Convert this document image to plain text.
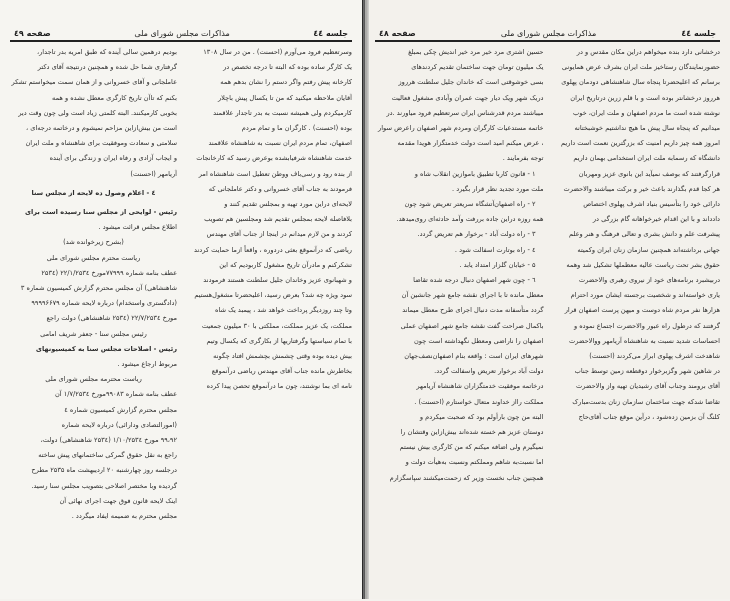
جلسه ٤٤
مذاکرات مجلس شورای ملی
صفحه ٤٩

وسرتعظیم فرود می‌آورم (احسنت) . من در سال ۱۳۰۸

یک کارگر ساده بوده که البته تا درجه تخصص در

کارخانه پیش رفتم واگر دستم را نشان بدهم همه

آقایان ملاحظه میکنید که من تا یکسال پیش باچلار

کارمیکردم ولی همیشه نسبت به بدر تاجدار علاقمند

بوده (احسنت) . کارگران ما و تمام مردم

اصفهان، تمام مردم ایران نسبت به شاهنشاه علاقمند

خدمت شاهنشاه شرفیابشده بوعرض رسید که کارخانجات

از بنده رود و رسی‌باف ووطن تعطیل است شاهنشاه امر

فرمودند به جناب آقای خسروانی و دکتر عاملجانی که

لایحه‌ای دراین مورد تهیه و بمجلس تقدیم کنند و

بلافاصله لایحه بمجلس تقدیم شد ومجلسین هم تصویب

کردند و من لازم میدانم در اینجا از جناب آقای مهندس

ریاضی که درآنموقع بعثی دردوره ، واقعاً ازما حمایت کردند

تشکرکنم و مادرآن تاریخ مشغول کاربودیم که این

و شهبانوی عزیز وخاندان جلیل سلطنت هستند فرمودند

سود ویژه چه شد؟ بعرض رسید، اعلیحضرتا مشغول‌هستیم

وتا چند روزدیگر پرداخت خواهد شد ، پیمبد یک شاه

مملکت، یک عزیز مملکت، مملکتی با ۳۰ میلیون جمعیت

با تمام سیاستها وگرفتاریها از بکارگری که یکسال وتیم

بیش دیده بوده وقتی چشمش بچشمش افتاد چگونه

بخاطرش مانده جناب آقای مهندس ریاضی درآنموقع

نامه ای بما نوشتند، چون ما درآنموقع تحصن پیدا کرده

بودیم درهمین سالی آینده که طبق امریه بدر تاجدار،

گرفتاری شما حل شده و همچنین درنتیجه آقای دکتر

عاملجانی و آقای خسروانی و از همان سمت میخواستم تشکر

بکنم که تاآن تاریخ کارگری معطل نشده و همه

بخوبی کارمیکنند. البته کلمتی زیاد است ولی چون وقت دیر

است من بیش‌ازاین مزاحم نمیشوم و درخاتمه درجه‌ای ،

سلامتی و سعادت وموفقیت برای شاهنشاه و ملت ایران

و ایجاب آزادی و رفاه ایران و زندگی برای آینده

آریامهر (احسنت)

٤ - اعلام وصول ده لایحه از مجلس سنا

رئیس - لوایحی از مجلس سنا رسیده است برای

اطلاع مجلس قرائت میشود .

(بشرح زیرخوانده شد)

ریاست محترم مجلس شورای ملی

عطف بنامه شماره ۷۷۹۹۹مورخ ۲۲/۱/۲۵۳٤ (۲۵۳٤

شاهنشاهی) آن مجلس محترم گزارش کمیسیون شماره ۳

(دادگستری واستخدام) درباره لایحه شماره ۹۹۹۹۶۶۷۹

مورخ ۲۲/۷/۲۵۳٤ (۲۵۳٤ شاهنشاهی) دولت راجع

رئیس مجلس سنا - جعفر شریف امامی

رئیس - اصلاحات مجلس سنا به کمیسیونهای

مربوط ارجاع میشود .

ریاست محترمه مجلس شورای ملی

عطف بنامه شماره ۹۹۰۸۳مورخ ۱/۷/۲۵۳٤ آن

مجلس محترم گزارش کمیسیون شماره ٤

(امورالتصادی ودارائی) درباره لایحه شماره

۹۹،۹۲ مورخ ۱/۱۰/۲۵۳٤ (۲۵۳٤ شاهنشاهی) دولت،

راجع به نقل حقوق گمرکی ساختمانهای پیش ساخته

درجلسه روز چهارشنبه ۲۰ اردیبهشت ماه ۲۵۳۵ مطرح

گردیده وبا مختصر اصلاحی بتصویب مجلس سنا رسید.

اینک لایحه قانون فوق جهت اجرای نهائی آن

مجلس محترم به ضمیمه ایفاد میگردد .

جلسه ٤٤
مذاکرات مجلس شورای ملی
صفحه ٤٨

درخشانی دارد بنده میخواهم دراین مکان مقدس و در

حضورنمایندگان رستاخیز ملت ایران بشرف عرض همایونی

برسانم که اعلیحضرتا پنجاه سال شاهنشاهی دودمان پهلوی

هرروز درخشانتر بوده است و با قلم زرین درتاریخ ایران

نوشته شده است ما مردم اصفهان و ملت ایران، خوب

میدانیم که پنجاه سال پیش ما هیچ نداشتیم خوشبختانه

امروز همه چیز داریم امنیت که بزرگترین نعمت است داریم

دانشگاه که رسمابه ملت ایران استخدامی بهمان داریم

قرارگرفتند که بوصف نمیآید این بانوی عزیز ومهربان

هر کجا قدم بگذارند باعث خیر و برکت میباشند والاحضرت

دارائی خود را بتأسیس بنیاد اشرف پهلوی اختصاص

دادداند و با این اقدام خیرخواهانه گام بزرگی در

پیشرفت علم و دانش بشری و تعالی فرهنگ و هنر وعلم

جهانی برداشته‌اند همچنین سازمان زنان ایران وکمیته

حقوق بشر تحت ریاست عالیه معظملها تشکیل شد وهمه

دربیشبرد برنامه‌های خود از نیروی رهبری والاحضرت

یاری خواسته‌اند و شخصیت برجسته ایشان مورد احترام

هزارها نفر مردم شاه دوست و میهن پرست اصفهان قرار

گرفتند که درطول راه عبور والاحضرت اجتماع نموده و

احساسات شدید نسبت به شاهنشاه آریامهر ووالاحضرت

شاهدخت اشرف پهلوی ابراز می‌کردند (احسنت)

در شاهین شهر وگزبرخوار دوقطعه زمین توسط جناب

آقای برومند وجناب آقای رشیدیان تهیه واز والاحضرت

تقاضا شدکه جهت ساختمان سازمان زنان بدست‌مبارک

کلنگ آن بزمین زده‌شود ، درآین موقع جناب آقای‌حاج

حسین اشتری مرد خیر مرد خیر اندیش چکی بمبلغ

یک میلیون تومان جهت ساختمان تقدیم کردندهای

بسی خوشوقتی است که خاندان جلیل سلطنت هرروز

دریک شهر ویک دیار جهت عمران وآبادی مشغول فعالیت

میباشند مردم قدرشناس ایران سرتعظیم فرود میاورند .در

خاتمه مستدعیات کارگران ومردم شهر اصفهان راعرض‌ سوار

، عرض میکنم امید است دولت خدمتگزار هویدا مقدمه

توجه بفرمایند .

۱ - قانون کاربا تطبیق باموازین انقلاب شاه و

ملت مورد تجدید نظر قرار بگیرد .

۲ - راه اصفهان‌آتشگاه سریعتر تعریض شود چون

همه روزه دراین جاده بررفت وآمد حادثه‌ای روی‌میدهد.

۳ - راه دولت آباد - برخوار هم تعریض گردد.

٤ - راه بوتارت اسفالت شود .

۵ - خیابان گلزار امتداد یابد .

٦ - چون شهر اصفهان دنبال درجه شده تقاضا

معطل مانده تا با اجرای نقشه جامع شهر جانشین آن

گردد متأسفانه مدت دنبال اجرای طرح معطل میماند

باکمال صراحت گفت نقشه جامع شهر اصفهان عملی

اصفهان را ناراضی ومعطل نگهداشته است چون

شهرهای ایران است : واقعه بنام اصفهان‌نصف‌جهان

دولت آباد برخوار تعریض واسفالت گردد.

درخاتمه موفقیت خدمتگزاران شاهنشاه آریامهر

مملکت رااز خداوند متعال خواستارم (احسنت) .

البته من چون بارأولم بود که صحبت میکردم و

دوستان عزیز هم خسته شده‌اند بیش‌ازاین وقتشان را

نمیگیرم ولی اضافه میکنم که من کارگری بیش نیستم

اما نسبت‌به شاهم ومملکتم ونسبت به‌هیأت دولت و

همچنین جناب نخست وزیر که زحمت‌میکشند سپاسگزارم
